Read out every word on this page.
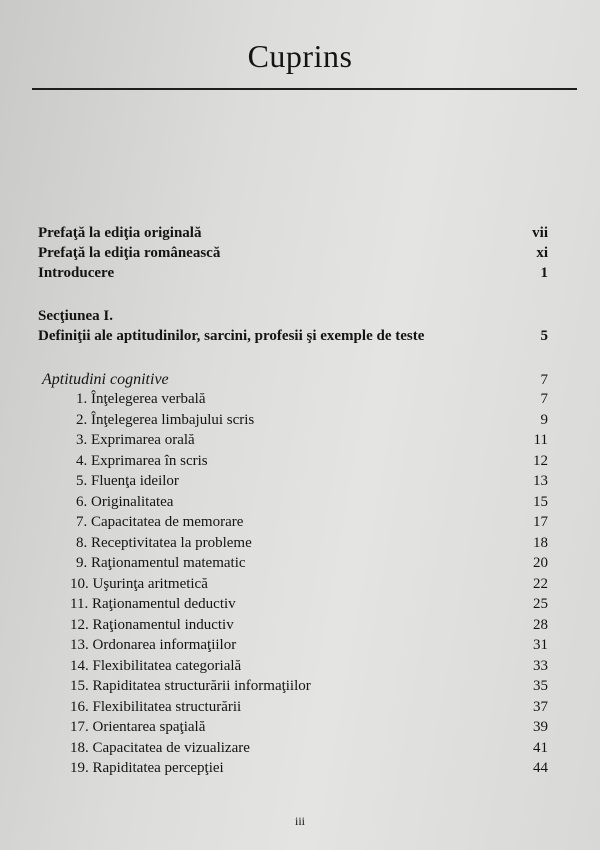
Cuprins
Prefaţă la ediţia originală	vii
Prefaţă la ediţia românească	xi
Introducere	1
Secţiunea I.
Definiţii ale aptitudinilor, sarcini, profesii şi exemple de teste	5
Aptitudini cognitive	7
1. Înţelegerea verbală	7
2. Înţelegerea limbajului scris	9
3. Exprimarea orală	11
4. Exprimarea în scris	12
5. Fluenţa ideilor	13
6. Originalitatea	15
7. Capacitatea de memorare	17
8. Receptivitatea la probleme	18
9. Raţionamentul matematic	20
10. Uşurinţa aritmetică	22
11. Raţionamentul deductiv	25
12. Raţionamentul inductiv	28
13. Ordonarea informaţiilor	31
14. Flexibilitatea categorială	33
15. Rapiditatea structurării informaţiilor	35
16. Flexibilitatea structurării	37
17. Orientarea spaţială	39
18. Capacitatea de vizualizare	41
19. Rapiditatea percepţiei	44
iii
